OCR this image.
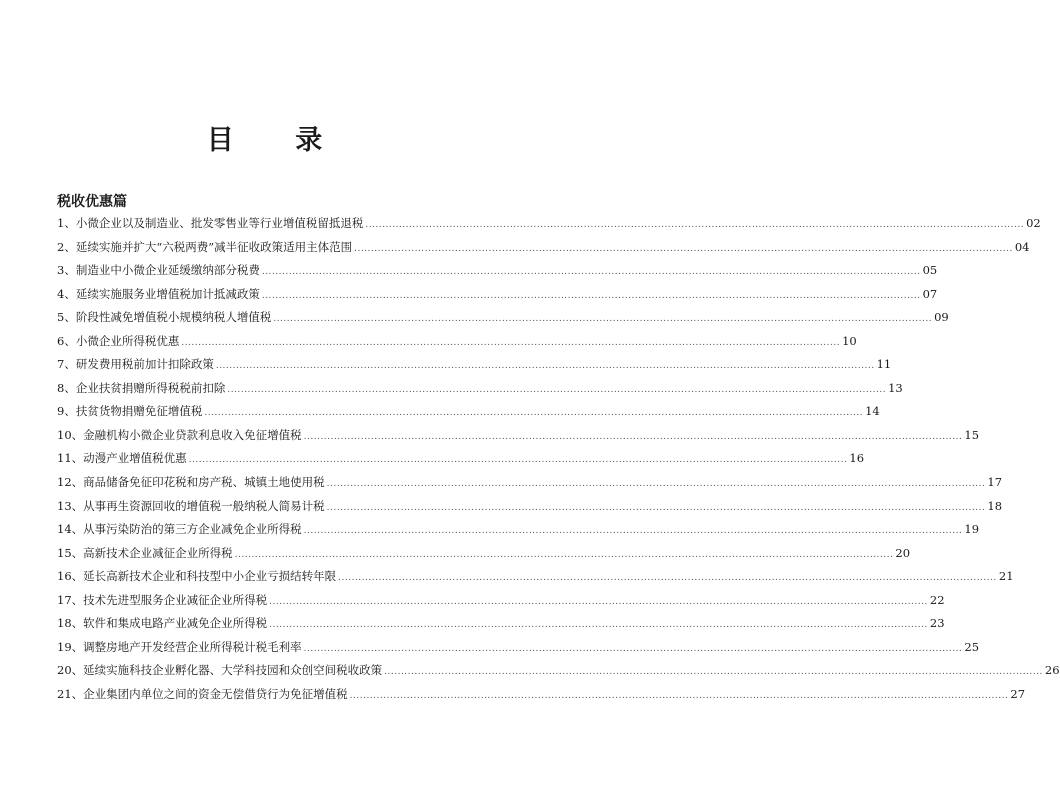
目 录
税收优惠篇
1 、 小微企业以及制造业、批发零售业等行业增值税留抵退税 .....	02
2 、 延续实施并扩大“六税两费”减半征收政策适用主体范围 .....	04
3 、 制造业中小微企业延缓缴纳部分税费 .....	05
4 、 延续实施服务业增值税加计抵减政策 .....	07
5 、 阶段性减免增值税小规模纳税人增值税 .....	09
6 、 小微企业所得税优惠 .....	10
7 、 研发费用税前加计扣除政策 .....	11
8 、 企业扶贫捐赠所得税税前扣除 .....	13
9 、 扶贫货物捐赠免征增值税 .....	14
10 、 金融机构小微企业贷款利息收入免征增值税 .....	15
11 、 动漫产业增值税优惠 .....	16
12 、 商品储备免征印花税和房产税、城镇土地使用税 .....	17
13 、 从事再生资源回收的增值税一般纳税人简易计税 .....	18
14 、 从事污染防治的第三方企业减免企业所得税 .....	19
15 、 高新技术企业减征企业所得税 .....	20
16 、 延长高新技术企业和科技型中小企业亏损结转年限 .....	21
17 、 技术先进型服务企业减征企业所得税 .....	22
18 、 软件和集成电路产业减免企业所得税 .....	23
19 、 调整房地产开发经营企业所得税计税毛利率 .....	25
20 、 延续实施科技企业孵化器、大学科技园和众创空间税收政策 .....	26
21 、 企业集团内单位之间的资金无偿借贷行为免征增值税 .....	27
